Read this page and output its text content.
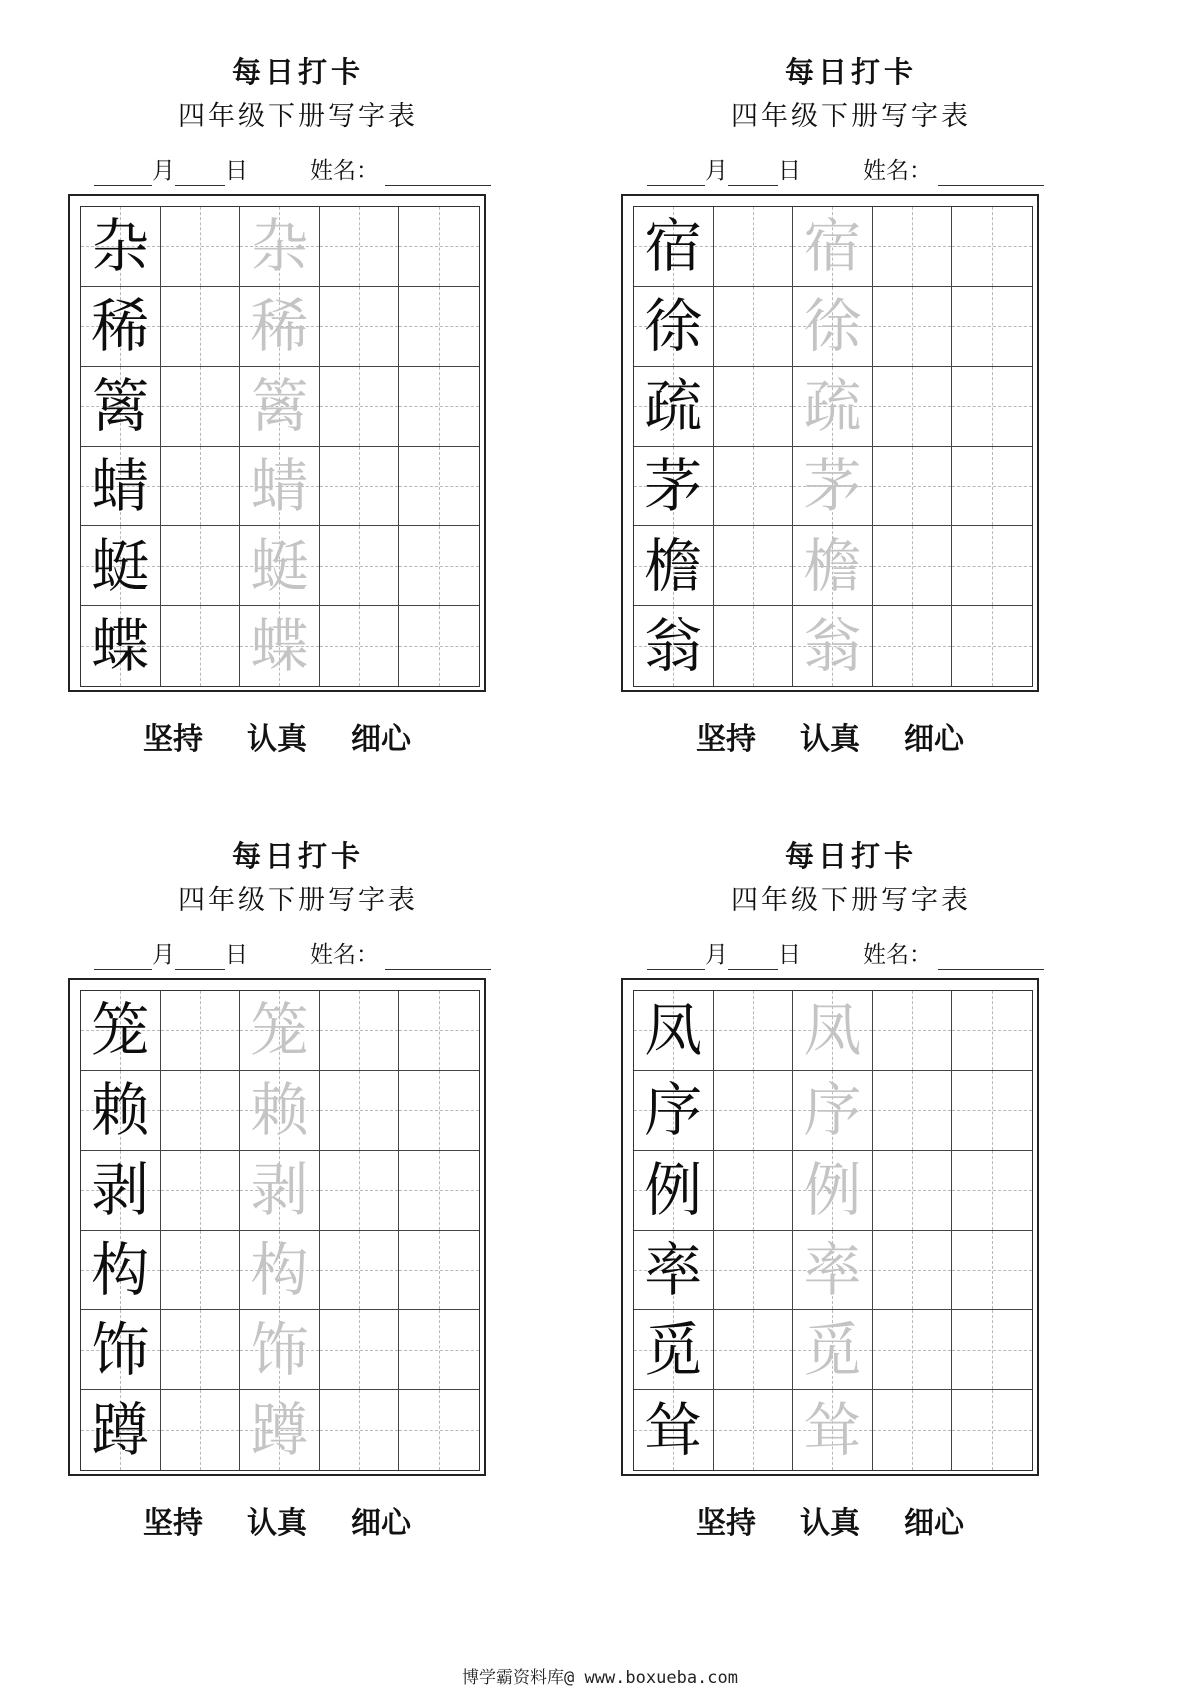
每日打卡
四年级下册写字表
月 日	姓名：
杂 杂
稀 稀
篱 篱
蜻 蜻
蜓 蜓
蝶 蝶
坚持 认真 细心
每日打卡
四年级下册写字表
月 日	姓名：
宿 宿
徐 徐
疏 疏
茅 茅
檐 檐
翁 翁
坚持 认真 细心
每日打卡
四年级下册写字表
月 日	姓名：
笼 笼
赖 赖
剥 剥
构 构
饰 饰
蹲 蹲
坚持 认真 细心
每日打卡
四年级下册写字表
月 日	姓名：
凤 凤
序 序
例 例
率 率
觅 觅
耸 耸
坚持 认真 细心
博学霸资料库@ www.boxueba.com
